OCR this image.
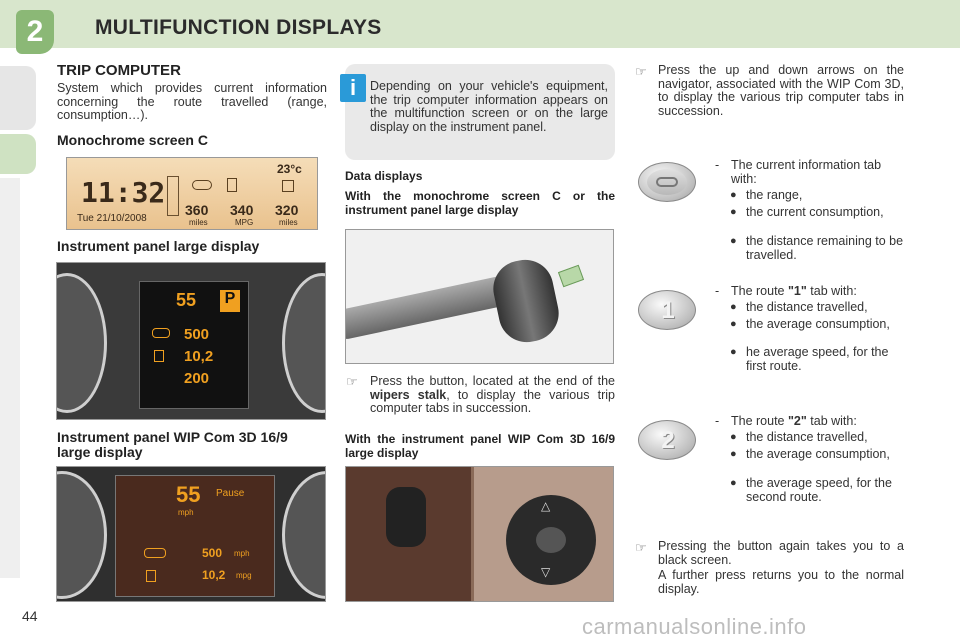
2	MULTIFUNCTION DISPLAYS
TRIP COMPUTER
System which provides current information concerning the route travelled (range, consumption…).
Monochrome screen C
11:32
Tue 21/10/2008
23°c
360 340 320
miles	MPG	miles
Instrument panel large display
55 P
500
10,2
200
Instrument panel WIP Com 3D 16/9 large display
55 Pause
mph
500 mph
10,2 mpg
i	Depending on your vehicle's equipment, the trip computer information appears on the multifunction screen or on the large display on the instrument panel.
Data displays
With the monochrome screen C or the instrument panel large display
☞ Press the button, located at the end of the wipers stalk, to display the various trip computer tabs in succession.
With the instrument panel WIP Com 3D 16/9 large display
△
▽
☞ Press the up and down arrows on the navigator, associated with the WIP Com 3D, to display the various trip computer tabs in succession.
- The current information tab with:
● the range,
● the current consumption,
● the distance remaining to be travelled.
1
- The route "1" tab with:
● the distance travelled,
● the average consumption,
● he average speed, for the first route.
2
- The route "2" tab with:
● the distance travelled,
● the average consumption,
● the average speed, for the second route.
☞ Pressing the button again takes you to a black screen.
A further press returns you to the normal display.
44	carmanualsonline.info
